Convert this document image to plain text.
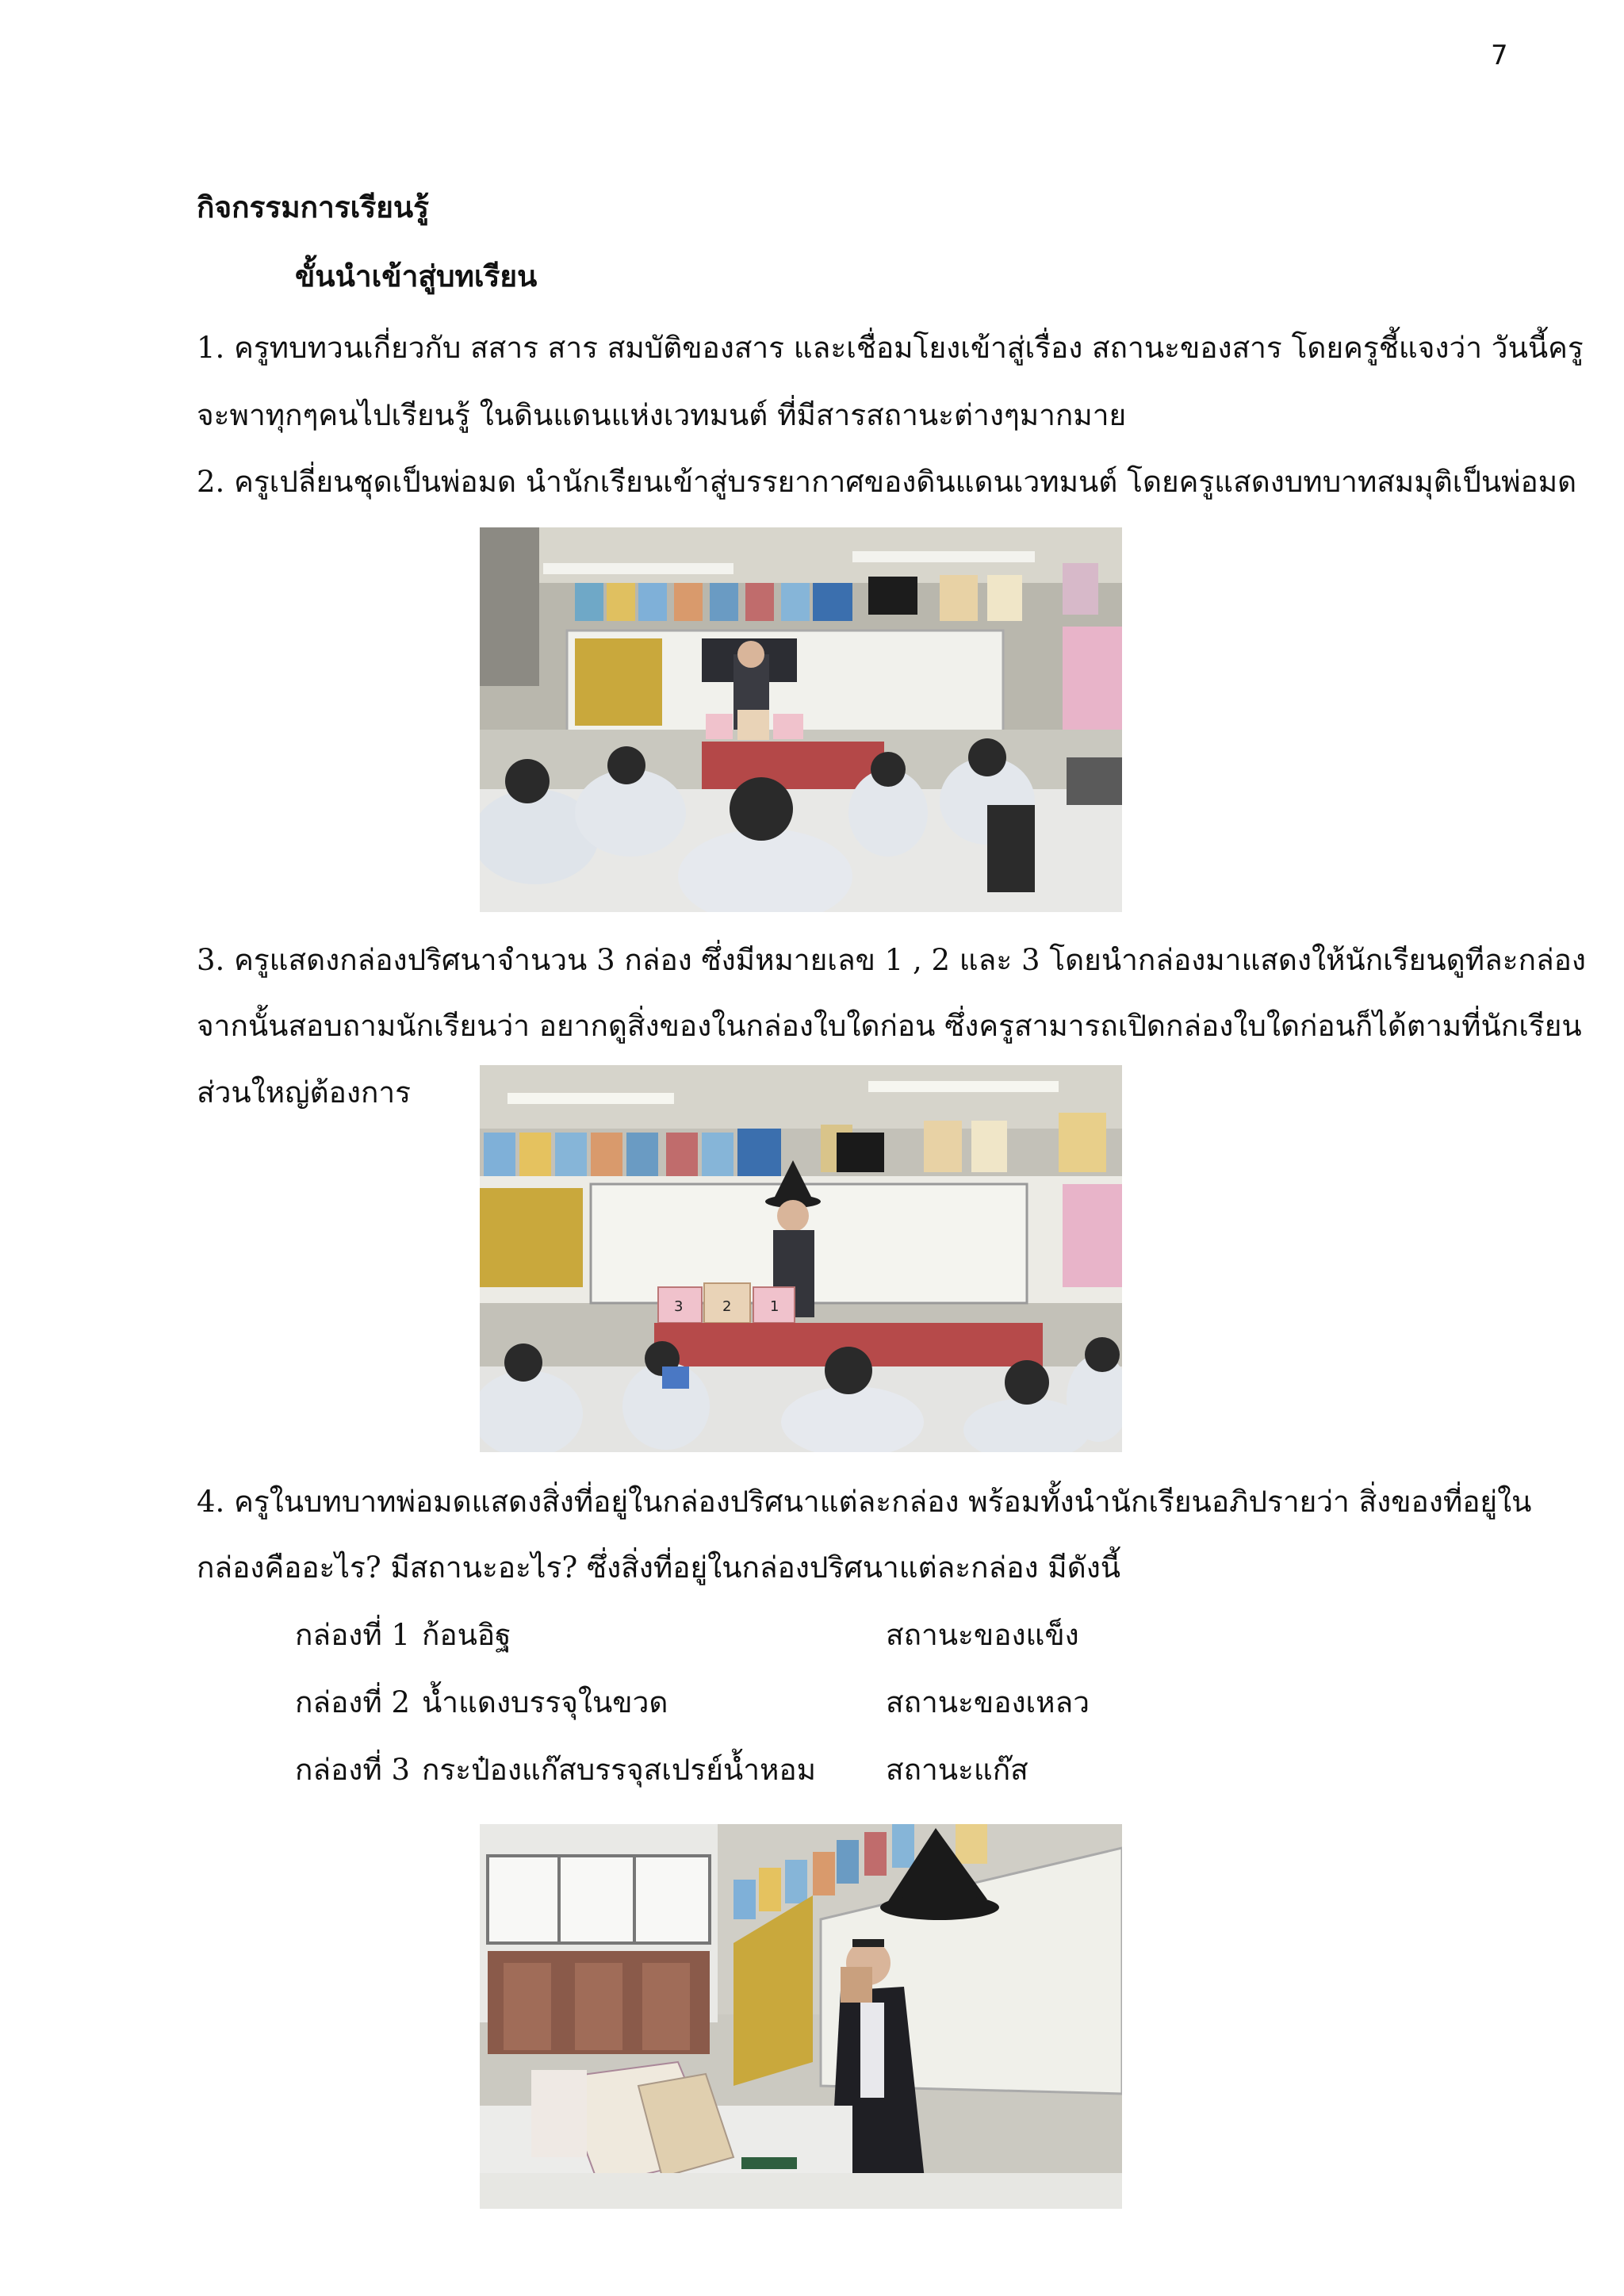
7
กิจกรรมการเรียนรู้
ขั้นนำเข้าสู่บทเรียน
1. ครูทบทวนเกี่ยวกับ สสาร สาร สมบัติของสาร และเชื่อมโยงเข้าสู่เรื่อง สถานะของสาร โดยครูชี้แจงว่า วันนี้ครู
จะพาทุกๆคนไปเรียนรู้ ในดินแดนแห่งเวทมนต์ ที่มีสารสถานะต่างๆมากมาย
2. ครูเปลี่ยนชุดเป็นพ่อมด นำนักเรียนเข้าสู่บรรยากาศของดินแดนเวทมนต์ โดยครูแสดงบทบาทสมมุติเป็นพ่อมด
3. ครูแสดงกล่องปริศนาจำนวน 3 กล่อง ซึ่งมีหมายเลข 1 , 2 และ 3 โดยนำกล่องมาแสดงให้นักเรียนดูทีละกล่อง
จากนั้นสอบถามนักเรียนว่า อยากดูสิ่งของในกล่องใบใดก่อน ซึ่งครูสามารถเปิดกล่องใบใดก่อนก็ได้ตามที่นักเรียน
ส่วนใหญ่ต้องการ
3	2	1
4. ครูในบทบาทพ่อมดแสดงสิ่งที่อยู่ในกล่องปริศนาแต่ละกล่อง พร้อมทั้งนำนักเรียนอภิปรายว่า สิ่งของที่อยู่ใน
กล่องคืออะไร? มีสถานะอะไร? ซึ่งสิ่งที่อยู่ในกล่องปริศนาแต่ละกล่อง มีดังนี้
กล่องที่ 1 ก้อนอิฐ	สถานะของแข็ง
กล่องที่ 2 น้ำแดงบรรจุในขวด	สถานะของเหลว
กล่องที่ 3 กระป๋องแก๊สบรรจุสเปรย์น้ำหอม สถานะแก๊ส
